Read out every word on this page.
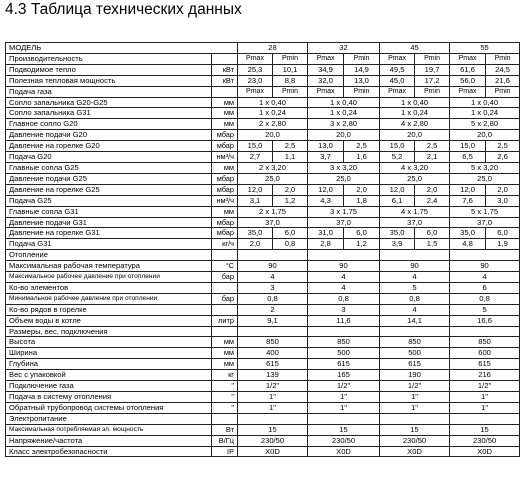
4.3 Таблица технических данных
МОДЕЛЬ		28		32		45		55	
Производительность		Pmax	Pmin	Pmax	Pmin	Pmax	Pmin	Pmax	Pmin
Подводимое тепло	кВт	25,3	10,1	34,9	14,9	49,5	19,7	61,6	24,5
Полезная тепловая мощность	кВт	23,0	8,8	32,0	13,0	45,0	17,2	56,0	21,6
Подача газа		Pmax	Pmin	Pmax	Pmin	Pmax	Pmin	Pmax	Pmin
Сопло запальника G20-G25	мм	1 x 0,40		1 x 0,40		1 x 0,40		1 x 0,40	
Сопло запальника G31	мм	1 x 0,24		1 x 0,24		1 x 0,24		1 x 0,24	
Главное сопло G20	мм	2 x 2,80		3 x 2,80		4 x 2,80		5 x 2,80	
Давление подачи G20	мбар	20,0		20,0		20,0		20,0	
Давление на горелке G20	мбар	15,0	2,5	13,0	2,5	15,0	2,5	15,0	2,5
Подача G20	нм³/ч	2,7	1,1	3,7	1,6	5,2	2,1	6,5	2,6
Главные сопла G25	мм	2 x 3,20		3 x 3,20		4 x 3,20		5 x 3,20	
Давление подачи G25	мбар	25,0		25,0		25,0		25,0	
Давление на горелке G25	мбар	12,0	2,0	12,0	2,0	12,0	2,0	12,0	2,0
Подача G25	нм³/ч	3,1	1,2	4,3	1,8	6,1	2,4	7,6	3,0
Главные сопла G31	мм	2 x 1,75		3 x 1,75		4 x 1,75		5 x 1,75	
Давление подачи G31	мбар	37,0		37,0		37,0		37,0	
Давление на горелке G31	мбар	35,0	6,0	31,0	6,0	35,0	6,0	35,0	6,0
Подача G31	кг/ч	2,0	0,8	2,8	1,2	3,9	1,5	4,8	1,9
Отопление									
Максимальная рабочая температура	°C	90		90		90		90	
Максимальное рабочее давление при отоплении	бар	4		4		4		4	
Ко-во элементов		3		4		5		6	
Минимальное рабочее давление при отоплении	бар	0,8		0,8		0,8		0,8	
Ко-во рядов в горелке		2		3		4		5	
Объем воды в котле	литр	9,1		11,6		14,1		16,6	
Размеры, вес, подключения									
Высота	мм	850		850		850		850	
Ширина	мм	400		500		500		600	
Глубина	мм	615		615		615		615	
Вес с упаковкой	кг	139		165		190		216	
Подключение газа	"	1/2"		1/2"		1/2"		1/2"	
Подача в систему отопления	"	1"		1"		1"		1"	
Обратный трубопровод системы отопления	"	1"		1"		1"		1"	
Электропитание									
Максимальная потребляемая эл. мощность	Вт	15		15		15		15	
Напряжение/частота	В/Гц	230/50		230/50		230/50		230/50	
Класс электробезопасности	IP	X0D		X0D		X0D		X0D	
